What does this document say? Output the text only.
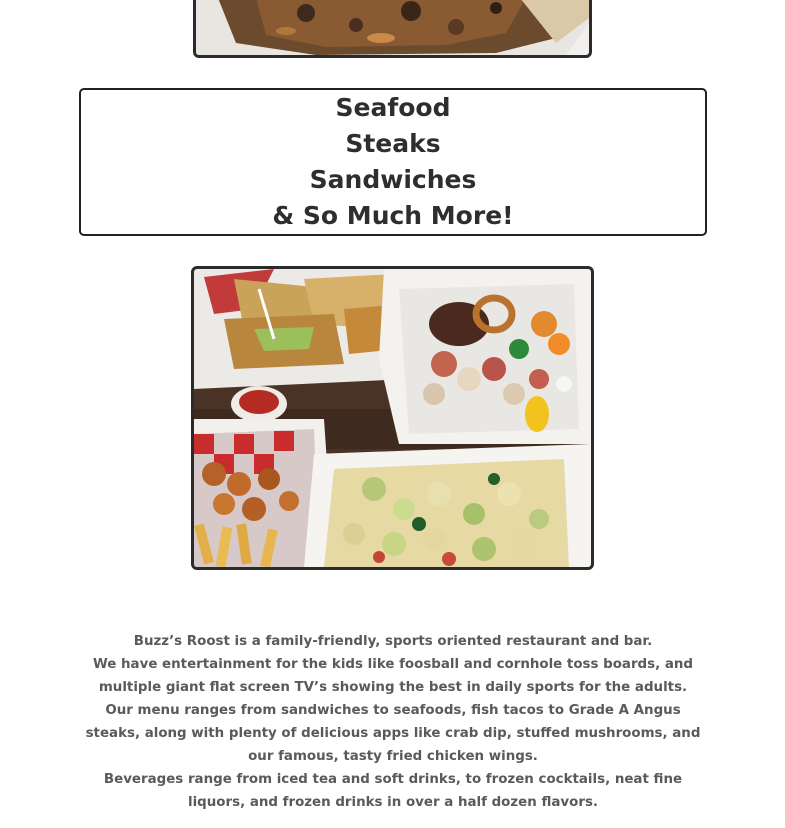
Seafood
Steaks
Sandwiches
& So Much More!

Buzz’s Roost is a family-friendly, sports oriented restaurant and bar.

We have entertainment for the kids like foosball and cornhole toss boards, and multiple giant flat screen TV’s showing the best in daily sports for the adults.

Our menu ranges from sandwiches to seafoods, fish tacos to Grade A Angus steaks, along with plenty of delicious apps like crab dip, stuffed mushrooms, and our famous, tasty fried chicken wings.

Beverages range from iced tea and soft drinks, to frozen cocktails, neat fine liquors, and frozen drinks in over a half dozen flavors.
